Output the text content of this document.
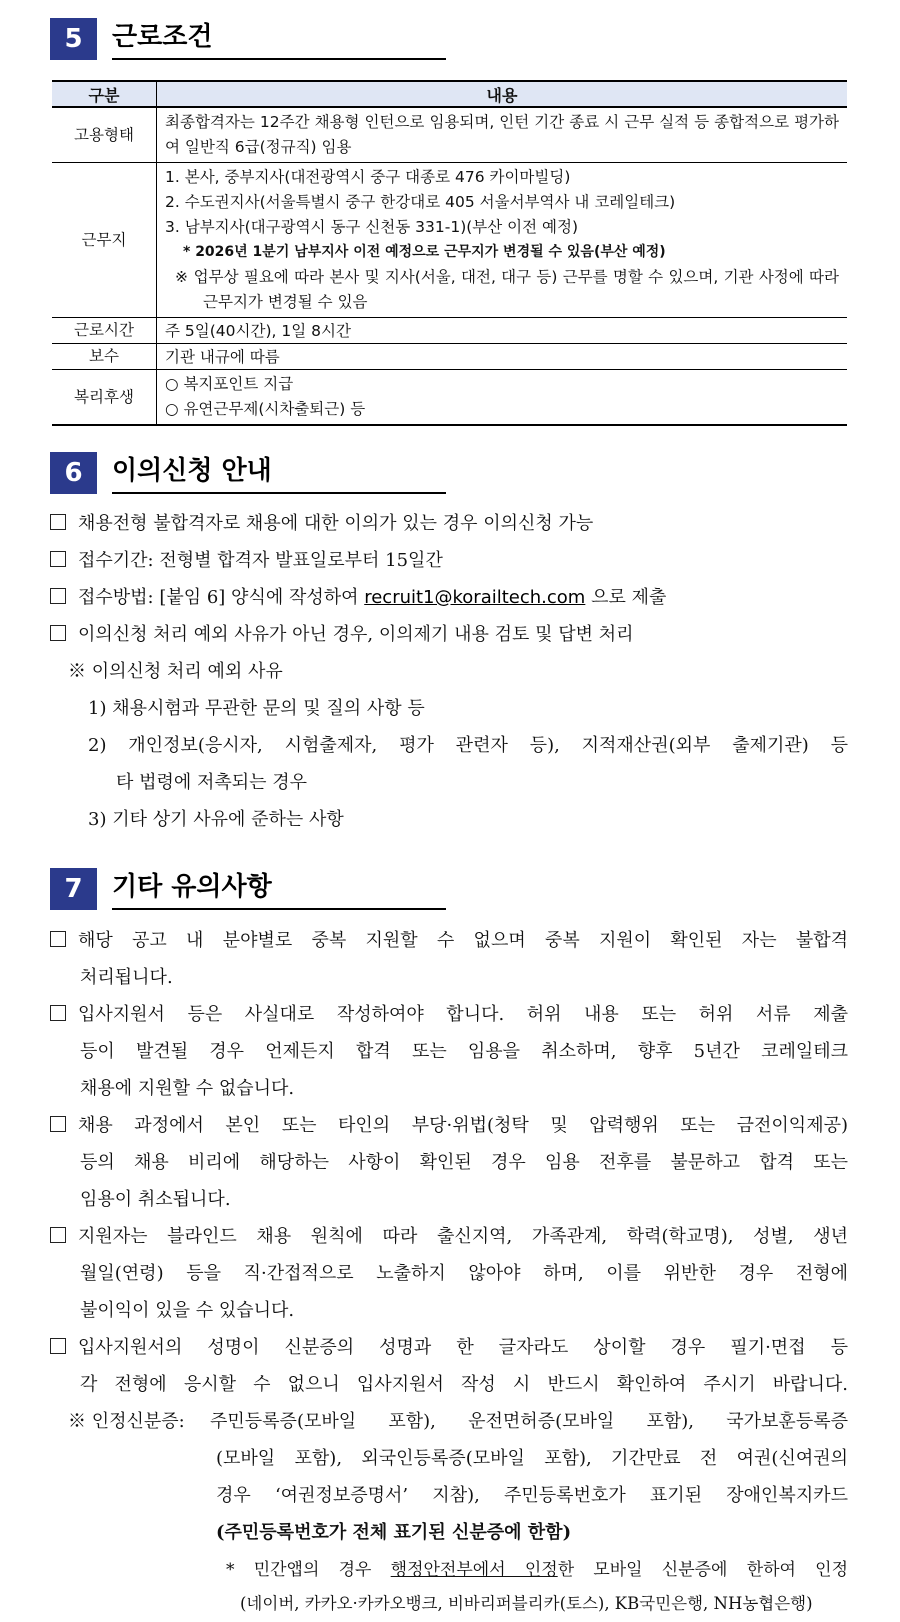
5	근로조건
구분	내용
고용형태	최종합격자는 12주간 채용형 인턴으로 임용되며, 인턴 기간 종료 시 근무 실적 등 종합적으로 평가하여 일반직 6급(정규직) 임용
근무지	1. 본사, 중부지사(대전광역시 중구 대종로 476 카이마빌딩)
2. 수도권지사(서울특별시 중구 한강대로 405 서울서부역사 내 코레일테크)
3. 남부지사(대구광역시 동구 신천동 331-1)(부산 이전 예정)
* 2026년 1분기 남부지사 이전 예정으로 근무지가 변경될 수 있음(부산 예정)
※ 업무상 필요에 따라 본사 및 지사(서울, 대전, 대구 등) 근무를 명할 수 있으며, 기관 사정에 따라 근무지가 변경될 수 있음

근로시간	주 5일(40시간), 1일 8시간
보수	기관 내규에 따름
복리후생	○ 복지포인트 지급
○ 유연근무제(시차출퇴근) 등
6	이의신청 안내
채용전형 불합격자로 채용에 대한 이의가 있는 경우 이의신청 가능
접수기간: 전형별 합격자 발표일로부터 15일간
접수방법: [붙임 6] 양식에 작성하여 recruit1@korailtech.com 으로 제출
이의신청 처리 예외 사유가 아닌 경우, 이의제기 내용 검토 및 답변 처리
※ 이의신청 처리 예외 사유
1) 채용시험과 무관한 문의 및 질의 사항 등
2) 개인정보(응시자, 시험출제자, 평가 관련자 등), 지적재산권(외부 출제기관) 등
타 법령에 저촉되는 경우
3) 기타 상기 사유에 준하는 사항
7	기타 유의사항
해당 공고 내 분야별로 중복 지원할 수 없으며 중복 지원이 확인된 자는 불합격
처리됩니다.
입사지원서 등은 사실대로 작성하여야 합니다. 허위 내용 또는 허위 서류 제출
등이 발견될 경우 언제든지 합격 또는 임용을 취소하며, 향후 5년간 코레일테크
채용에 지원할 수 없습니다.
채용 과정에서 본인 또는 타인의 부당·위법(청탁 및 압력행위 또는 금전이익제공)
등의 채용 비리에 해당하는 사항이 확인된 경우 임용 전후를 불문하고 합격 또는
임용이 취소됩니다.
지원자는 블라인드 채용 원칙에 따라 출신지역, 가족관계, 학력(학교명), 성별, 생년
월일(연령) 등을 직·간접적으로 노출하지 않아야 하며, 이를 위반한 경우 전형에
불이익이 있을 수 있습니다.
입사지원서의 성명이 신분증의 성명과 한 글자라도 상이할 경우 필기·면접 등
각 전형에 응시할 수 없으니 입사지원서 작성 시 반드시 확인하여 주시기 바랍니다.
※ 인정신분증: 주민등록증(모바일 포함), 운전면허증(모바일 포함), 국가보훈등록증
(모바일 포함), 외국인등록증(모바일 포함), 기간만료 전 여권(신여권의
경우 ‘여권정보증명서’ 지참), 주민등록번호가 표기된 장애인복지카드
(주민등록번호가 전체 표기된 신분증에 한함)
* 민간앱의 경우 행정안전부에서 인정한 모바일 신분증에 한하여 인정
(네이버, 카카오·카카오뱅크, 비바리퍼블리카(토스), KB국민은행, NH농협은행)
